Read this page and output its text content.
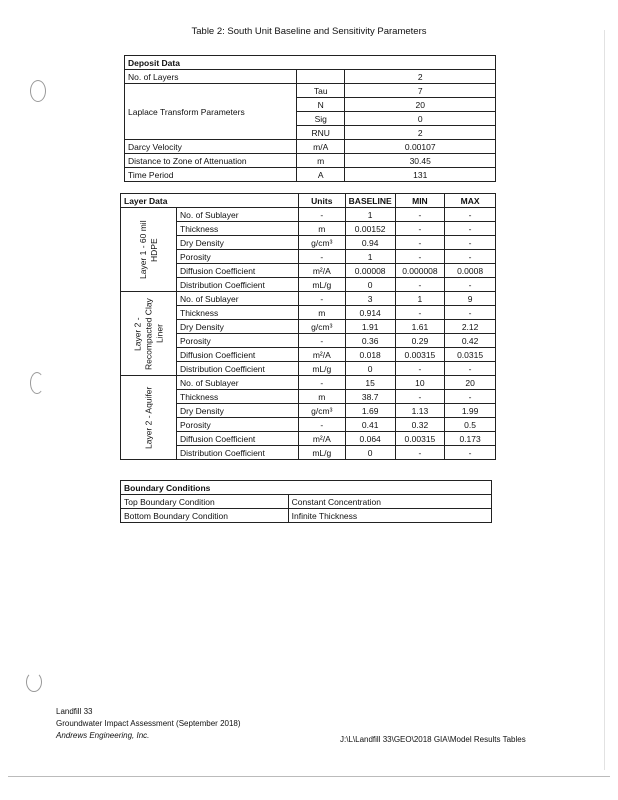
Table 2: South Unit Baseline and Sensitivity Parameters
Deposit Data		
No. of Layers		2
Laplace Transform Parameters	Tau	7
	N	20
	Sig	0
	RNU	2
Darcy Velocity	m/A	0.00107
Distance to Zone of Attenuation	m	30.45
Time Period	A	131
Layer Data		Units	BASELINE	MIN	MAX
Layer 1 - 60 mil HDPE	No. of Sublayer	-	1	-	-
	Thickness	m	0.00152	-	-
	Dry Density	g/cm³	0.94	-	-
	Porosity	-	1	-	-
	Diffusion Coefficient	m²/A	0.00008	0.000008	0.0008
	Distribution Coefficient	mL/g	0	-	-
Layer 2 - Recompacted Clay Liner	No. of Sublayer	-	3	1	9
	Thickness	m	0.914	-	-
	Dry Density	g/cm³	1.91	1.61	2.12
	Porosity	-	0.36	0.29	0.42
	Diffusion Coefficient	m²/A	0.018	0.00315	0.0315
	Distribution Coefficient	mL/g	0	-	-
Layer 2 - Aquifer	No. of Sublayer	-	15	10	20
	Thickness	m	38.7	-	-
	Dry Density	g/cm³	1.69	1.13	1.99
	Porosity	-	0.41	0.32	0.5
	Diffusion Coefficient	m²/A	0.064	0.00315	0.173
	Distribution Coefficient	mL/g	0	-	-
Boundary Conditions	
Top Boundary Condition	Constant Concentration
Bottom Boundary Condition	Infinite Thickness
Landfill 33
Groundwater Impact Assessment (September 2018)
Andrews Engineering, Inc.	J:\L\Landfill 33\GEO\2018 GIA\Model Results Tables
